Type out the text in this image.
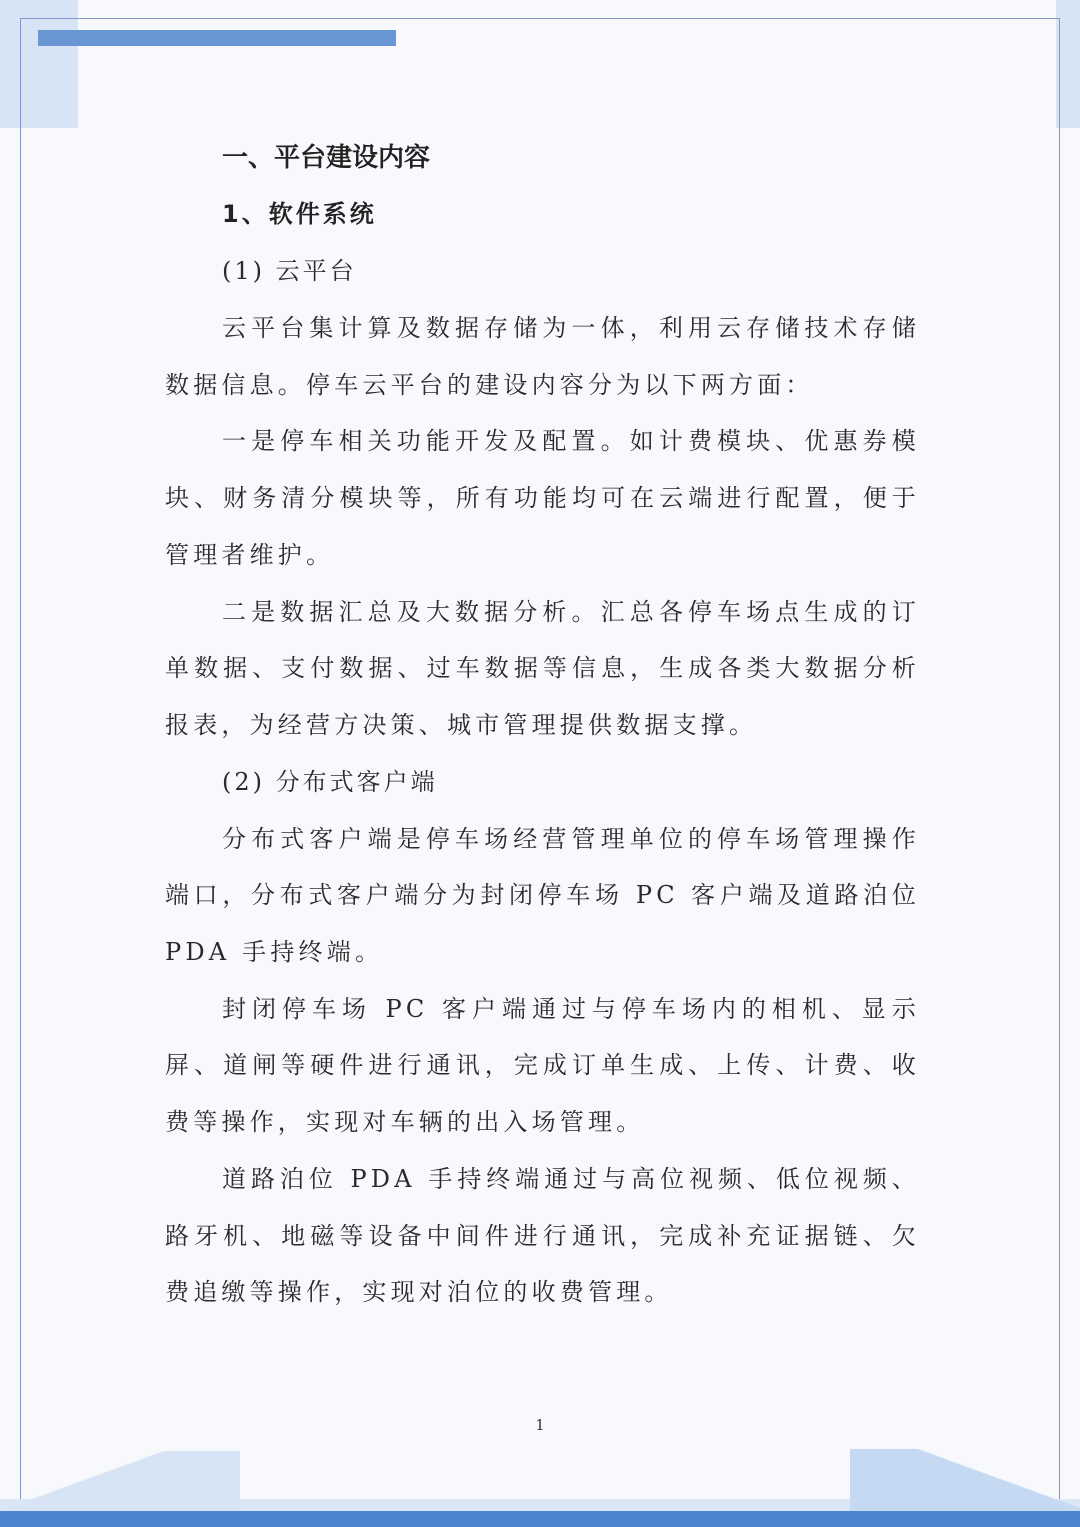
一、平台建设内容

1、软件系统

(1) 云平台

云平台集计算及数据存储为一体，利用云存储技术存储数据信息。停车云平台的建设内容分为以下两方面：

一是停车相关功能开发及配置。如计费模块、优惠券模块、财务清分模块等，所有功能均可在云端进行配置，便于管理者维护。

二是数据汇总及大数据分析。汇总各停车场点生成的订单数据、支付数据、过车数据等信息，生成各类大数据分析报表，为经营方决策、城市管理提供数据支撑。

(2) 分布式客户端

分布式客户端是停车场经营管理单位的停车场管理操作端口，分布式客户端分为封闭停车场 PC 客户端及道路泊位 PDA 手持终端。

封闭停车场 PC 客户端通过与停车场内的相机、显示屏、道闸等硬件进行通讯，完成订单生成、上传、计费、收费等操作，实现对车辆的出入场管理。

道路泊位 PDA 手持终端通过与高位视频、低位视频、路牙机、地磁等设备中间件进行通讯，完成补充证据链、欠费追缴等操作，实现对泊位的收费管理。

1
